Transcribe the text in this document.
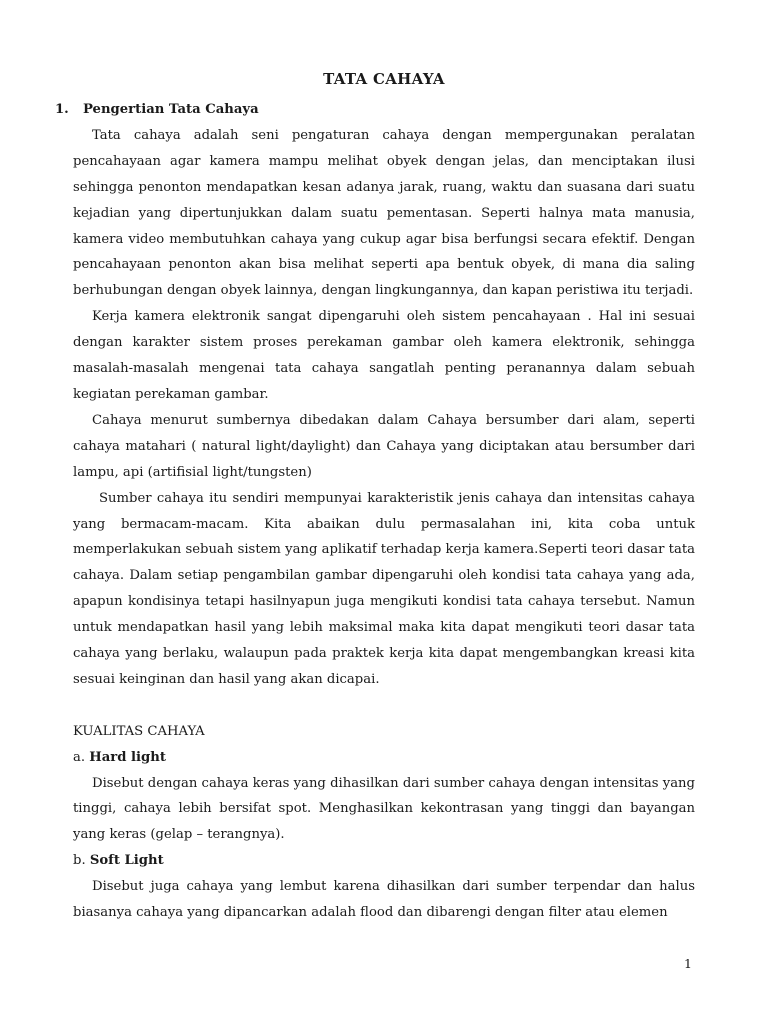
TATA CAHAYA
1. Pengertian Tata Cahaya

Tata cahaya adalah seni pengaturan cahaya dengan mempergunakan peralatan pencahayaan agar kamera mampu melihat obyek dengan jelas, dan menciptakan ilusi sehingga penonton mendapatkan kesan adanya jarak, ruang, waktu dan suasana dari suatu kejadian yang dipertunjukkan dalam suatu pementasan. Seperti halnya mata manusia, kamera video membutuhkan cahaya yang cukup agar bisa berfungsi secara efektif. Dengan pencahayaan penonton akan bisa melihat seperti apa bentuk obyek, di mana dia saling berhubungan dengan obyek lainnya, dengan lingkungannya, dan kapan peristiwa itu terjadi.

Kerja kamera elektronik sangat dipengaruhi oleh sistem pencahayaan . Hal ini sesuai dengan karakter sistem proses perekaman gambar oleh kamera elektronik, sehingga masalah-masalah mengenai tata cahaya sangatlah penting peranannya dalam sebuah kegiatan perekaman gambar.

Cahaya menurut sumbernya dibedakan dalam Cahaya bersumber dari alam, seperti cahaya matahari ( natural light/daylight) dan Cahaya yang diciptakan atau bersumber dari lampu, api (artifisial light/tungsten)

Sumber cahaya itu sendiri mempunyai karakteristik jenis cahaya dan intensitas cahaya yang bermacam-macam. Kita abaikan dulu permasalahan ini, kita coba untuk memperlakukan sebuah sistem yang aplikatif terhadap kerja kamera.Seperti teori dasar tata cahaya. Dalam setiap pengambilan gambar dipengaruhi oleh kondisi tata cahaya yang ada, apapun kondisinya tetapi hasilnyapun juga mengikuti kondisi tata cahaya tersebut. Namun untuk mendapatkan hasil yang lebih maksimal maka kita dapat mengikuti teori dasar tata cahaya yang berlaku, walaupun pada praktek kerja kita dapat mengembangkan kreasi kita sesuai keinginan dan hasil yang akan dicapai.

KUALITAS CAHAYA

a. Hard light

Disebut dengan cahaya keras yang dihasilkan dari sumber cahaya dengan intensitas yang tinggi, cahaya lebih bersifat spot. Menghasilkan kekontrasan yang tinggi dan bayangan yang keras (gelap – terangnya).

b. Soft Light

Disebut juga cahaya yang lembut karena dihasilkan dari sumber terpendar dan halus biasanya cahaya yang dipancarkan adalah flood dan dibarengi dengan filter atau elemen

1
